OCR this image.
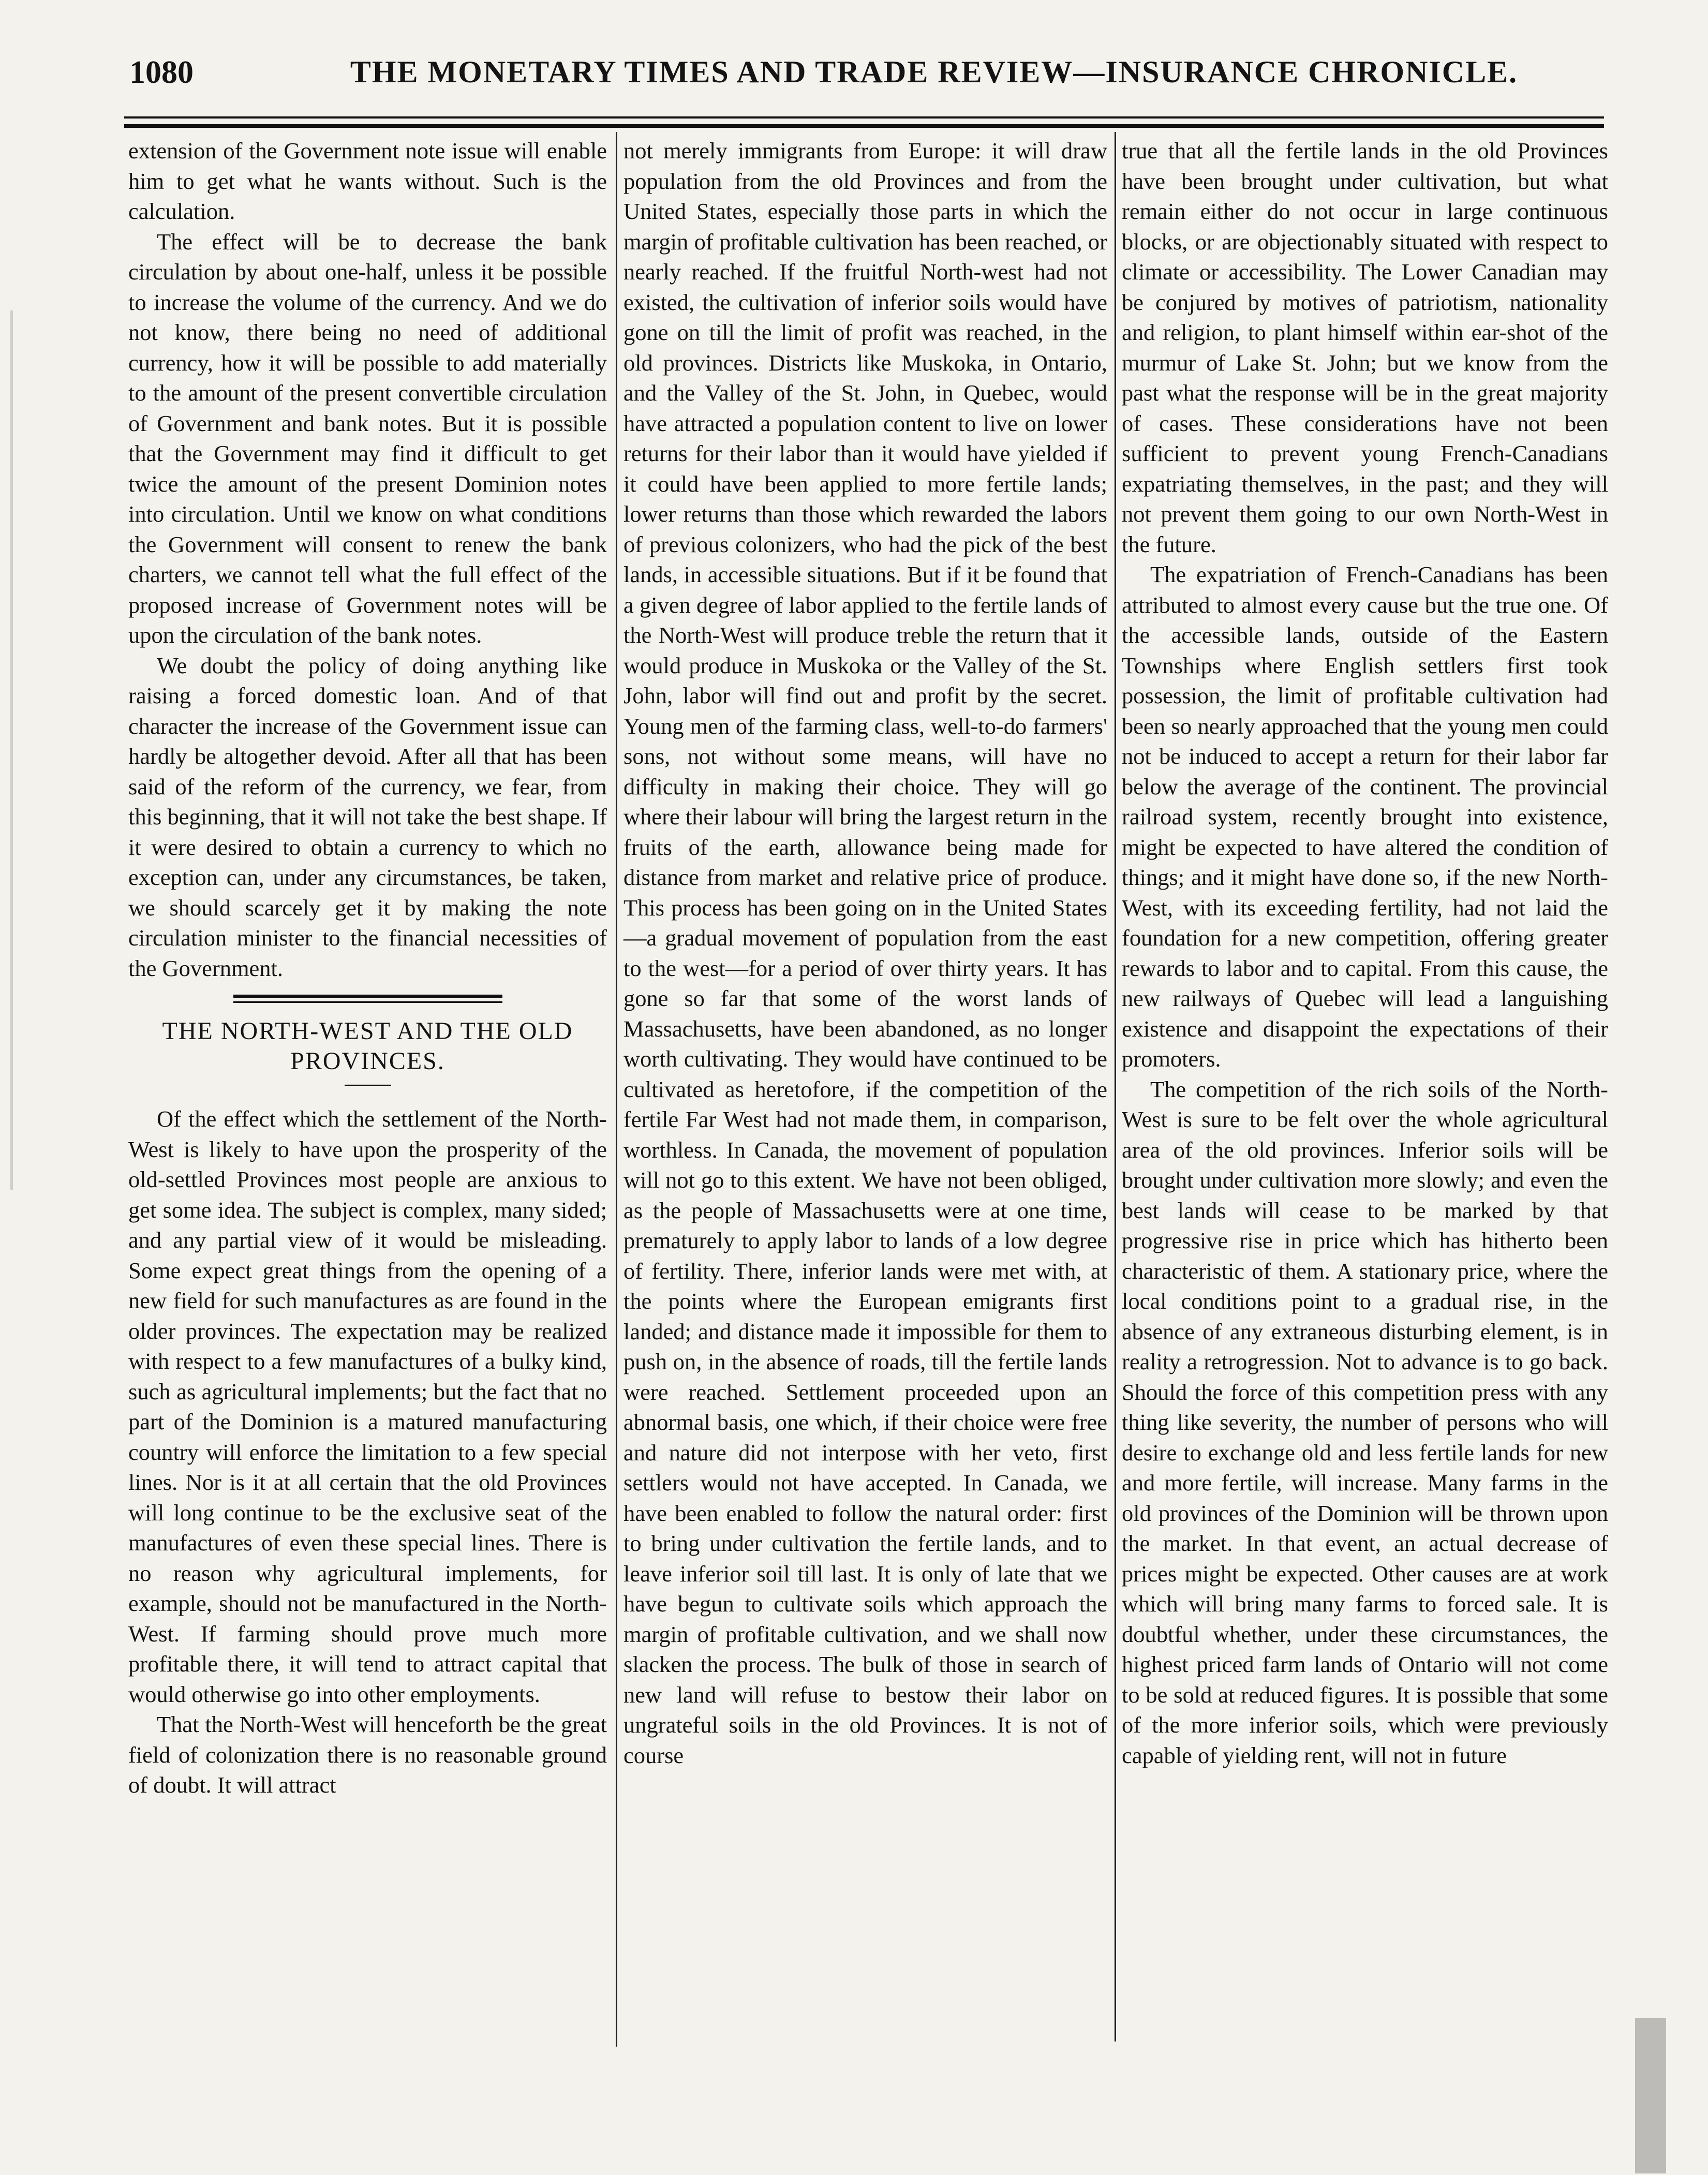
1080	THE MONETARY TIMES AND TRADE REVIEW—INSURANCE CHRONICLE.

extension of the Government note issue will enable him to get what he wants without. Such is the calculation.

The effect will be to decrease the bank circulation by about one-half, unless it be possible to increase the volume of the currency. And we do not know, there being no need of additional currency, how it will be possible to add materially to the amount of the present convertible circulation of Government and bank notes. But it is possible that the Government may find it difficult to get twice the amount of the present Dominion notes into circulation. Until we know on what conditions the Government will consent to renew the bank charters, we cannot tell what the full effect of the proposed increase of Government notes will be upon the circulation of the bank notes.

We doubt the policy of doing anything like raising a forced domestic loan. And of that character the increase of the Government issue can hardly be altogether devoid. After all that has been said of the reform of the currency, we fear, from this beginning, that it will not take the best shape. If it were desired to obtain a currency to which no exception can, under any circumstances, be taken, we should scarcely get it by making the note circulation minister to the financial necessities of the Government.

THE NORTH-WEST AND THE OLD
PROVINCES.

Of the effect which the settlement of the North-West is likely to have upon the prosperity of the old-settled Provinces most people are anxious to get some idea. The subject is complex, many sided; and any partial view of it would be misleading. Some expect great things from the opening of a new field for such manufactures as are found in the older provinces. The expectation may be realized with respect to a few manufactures of a bulky kind, such as agricultural implements; but the fact that no part of the Dominion is a matured manufacturing country will enforce the limitation to a few special lines. Nor is it at all certain that the old Provinces will long continue to be the exclusive seat of the manufactures of even these special lines. There is no reason why agricultural implements, for example, should not be manufactured in the North-West. If farming should prove much more profitable there, it will tend to attract capital that would otherwise go into other employments.

That the North-West will henceforth be the great field of colonization there is no reasonable ground of doubt. It will attract

not merely immigrants from Europe: it will draw population from the old Provinces and from the United States, especially those parts in which the margin of profitable cultivation has been reached, or nearly reached. If the fruitful North-west had not existed, the cultivation of inferior soils would have gone on till the limit of profit was reached, in the old provinces. Districts like Muskoka, in Ontario, and the Valley of the St. John, in Quebec, would have attracted a population content to live on lower returns for their labor than it would have yielded if it could have been applied to more fertile lands; lower returns than those which rewarded the labors of previous colonizers, who had the pick of the best lands, in accessible situations. But if it be found that a given degree of labor applied to the fertile lands of the North-West will produce treble the return that it would produce in Muskoka or the Valley of the St. John, labor will find out and profit by the secret. Young men of the farming class, well-to-do farmers' sons, not without some means, will have no difficulty in making their choice. They will go where their labour will bring the largest return in the fruits of the earth, allowance being made for distance from market and relative price of produce. This process has been going on in the United States—a gradual movement of population from the east to the west—for a period of over thirty years. It has gone so far that some of the worst lands of Massachusetts, have been abandoned, as no longer worth cultivating. They would have continued to be cultivated as heretofore, if the competition of the fertile Far West had not made them, in comparison, worthless. In Canada, the movement of population will not go to this extent. We have not been obliged, as the people of Massachusetts were at one time, prematurely to apply labor to lands of a low degree of fertility. There, inferior lands were met with, at the points where the European emigrants first landed; and distance made it impossible for them to push on, in the absence of roads, till the fertile lands were reached. Settlement proceeded upon an abnormal basis, one which, if their choice were free and nature did not interpose with her veto, first settlers would not have accepted. In Canada, we have been enabled to follow the natural order: first to bring under cultivation the fertile lands, and to leave inferior soil till last. It is only of late that we have begun to cultivate soils which approach the margin of profitable cultivation, and we shall now slacken the process. The bulk of those in search of new land will refuse to bestow their labor on ungrateful soils in the old Provinces. It is not of course

true that all the fertile lands in the old Provinces have been brought under cultivation, but what remain either do not occur in large continuous blocks, or are objectionably situated with respect to climate or accessibility. The Lower Canadian may be conjured by motives of patriotism, nationality and religion, to plant himself within ear-shot of the murmur of Lake St. John; but we know from the past what the response will be in the great majority of cases. These considerations have not been sufficient to prevent young French-Canadians expatriating themselves, in the past; and they will not prevent them going to our own North-West in the future.

The expatriation of French-Canadians has been attributed to almost every cause but the true one. Of the accessible lands, outside of the Eastern Townships where English settlers first took possession, the limit of profitable cultivation had been so nearly approached that the young men could not be induced to accept a return for their labor far below the average of the continent. The provincial railroad system, recently brought into existence, might be expected to have altered the condition of things; and it might have done so, if the new North-West, with its exceeding fertility, had not laid the foundation for a new competition, offering greater rewards to labor and to capital. From this cause, the new railways of Quebec will lead a languishing existence and disappoint the expectations of their promoters.

The competition of the rich soils of the North-West is sure to be felt over the whole agricultural area of the old provinces. Inferior soils will be brought under cultivation more slowly; and even the best lands will cease to be marked by that progressive rise in price which has hitherto been characteristic of them. A stationary price, where the local conditions point to a gradual rise, in the absence of any extraneous disturbing element, is in reality a retrogression. Not to advance is to go back. Should the force of this competition press with any thing like severity, the number of persons who will desire to exchange old and less fertile lands for new and more fertile, will increase. Many farms in the old provinces of the Dominion will be thrown upon the market. In that event, an actual decrease of prices might be expected. Other causes are at work which will bring many farms to forced sale. It is doubtful whether, under these circumstances, the highest priced farm lands of Ontario will not come to be sold at reduced figures. It is possible that some of the more inferior soils, which were previously capable of yielding rent, will not in future
